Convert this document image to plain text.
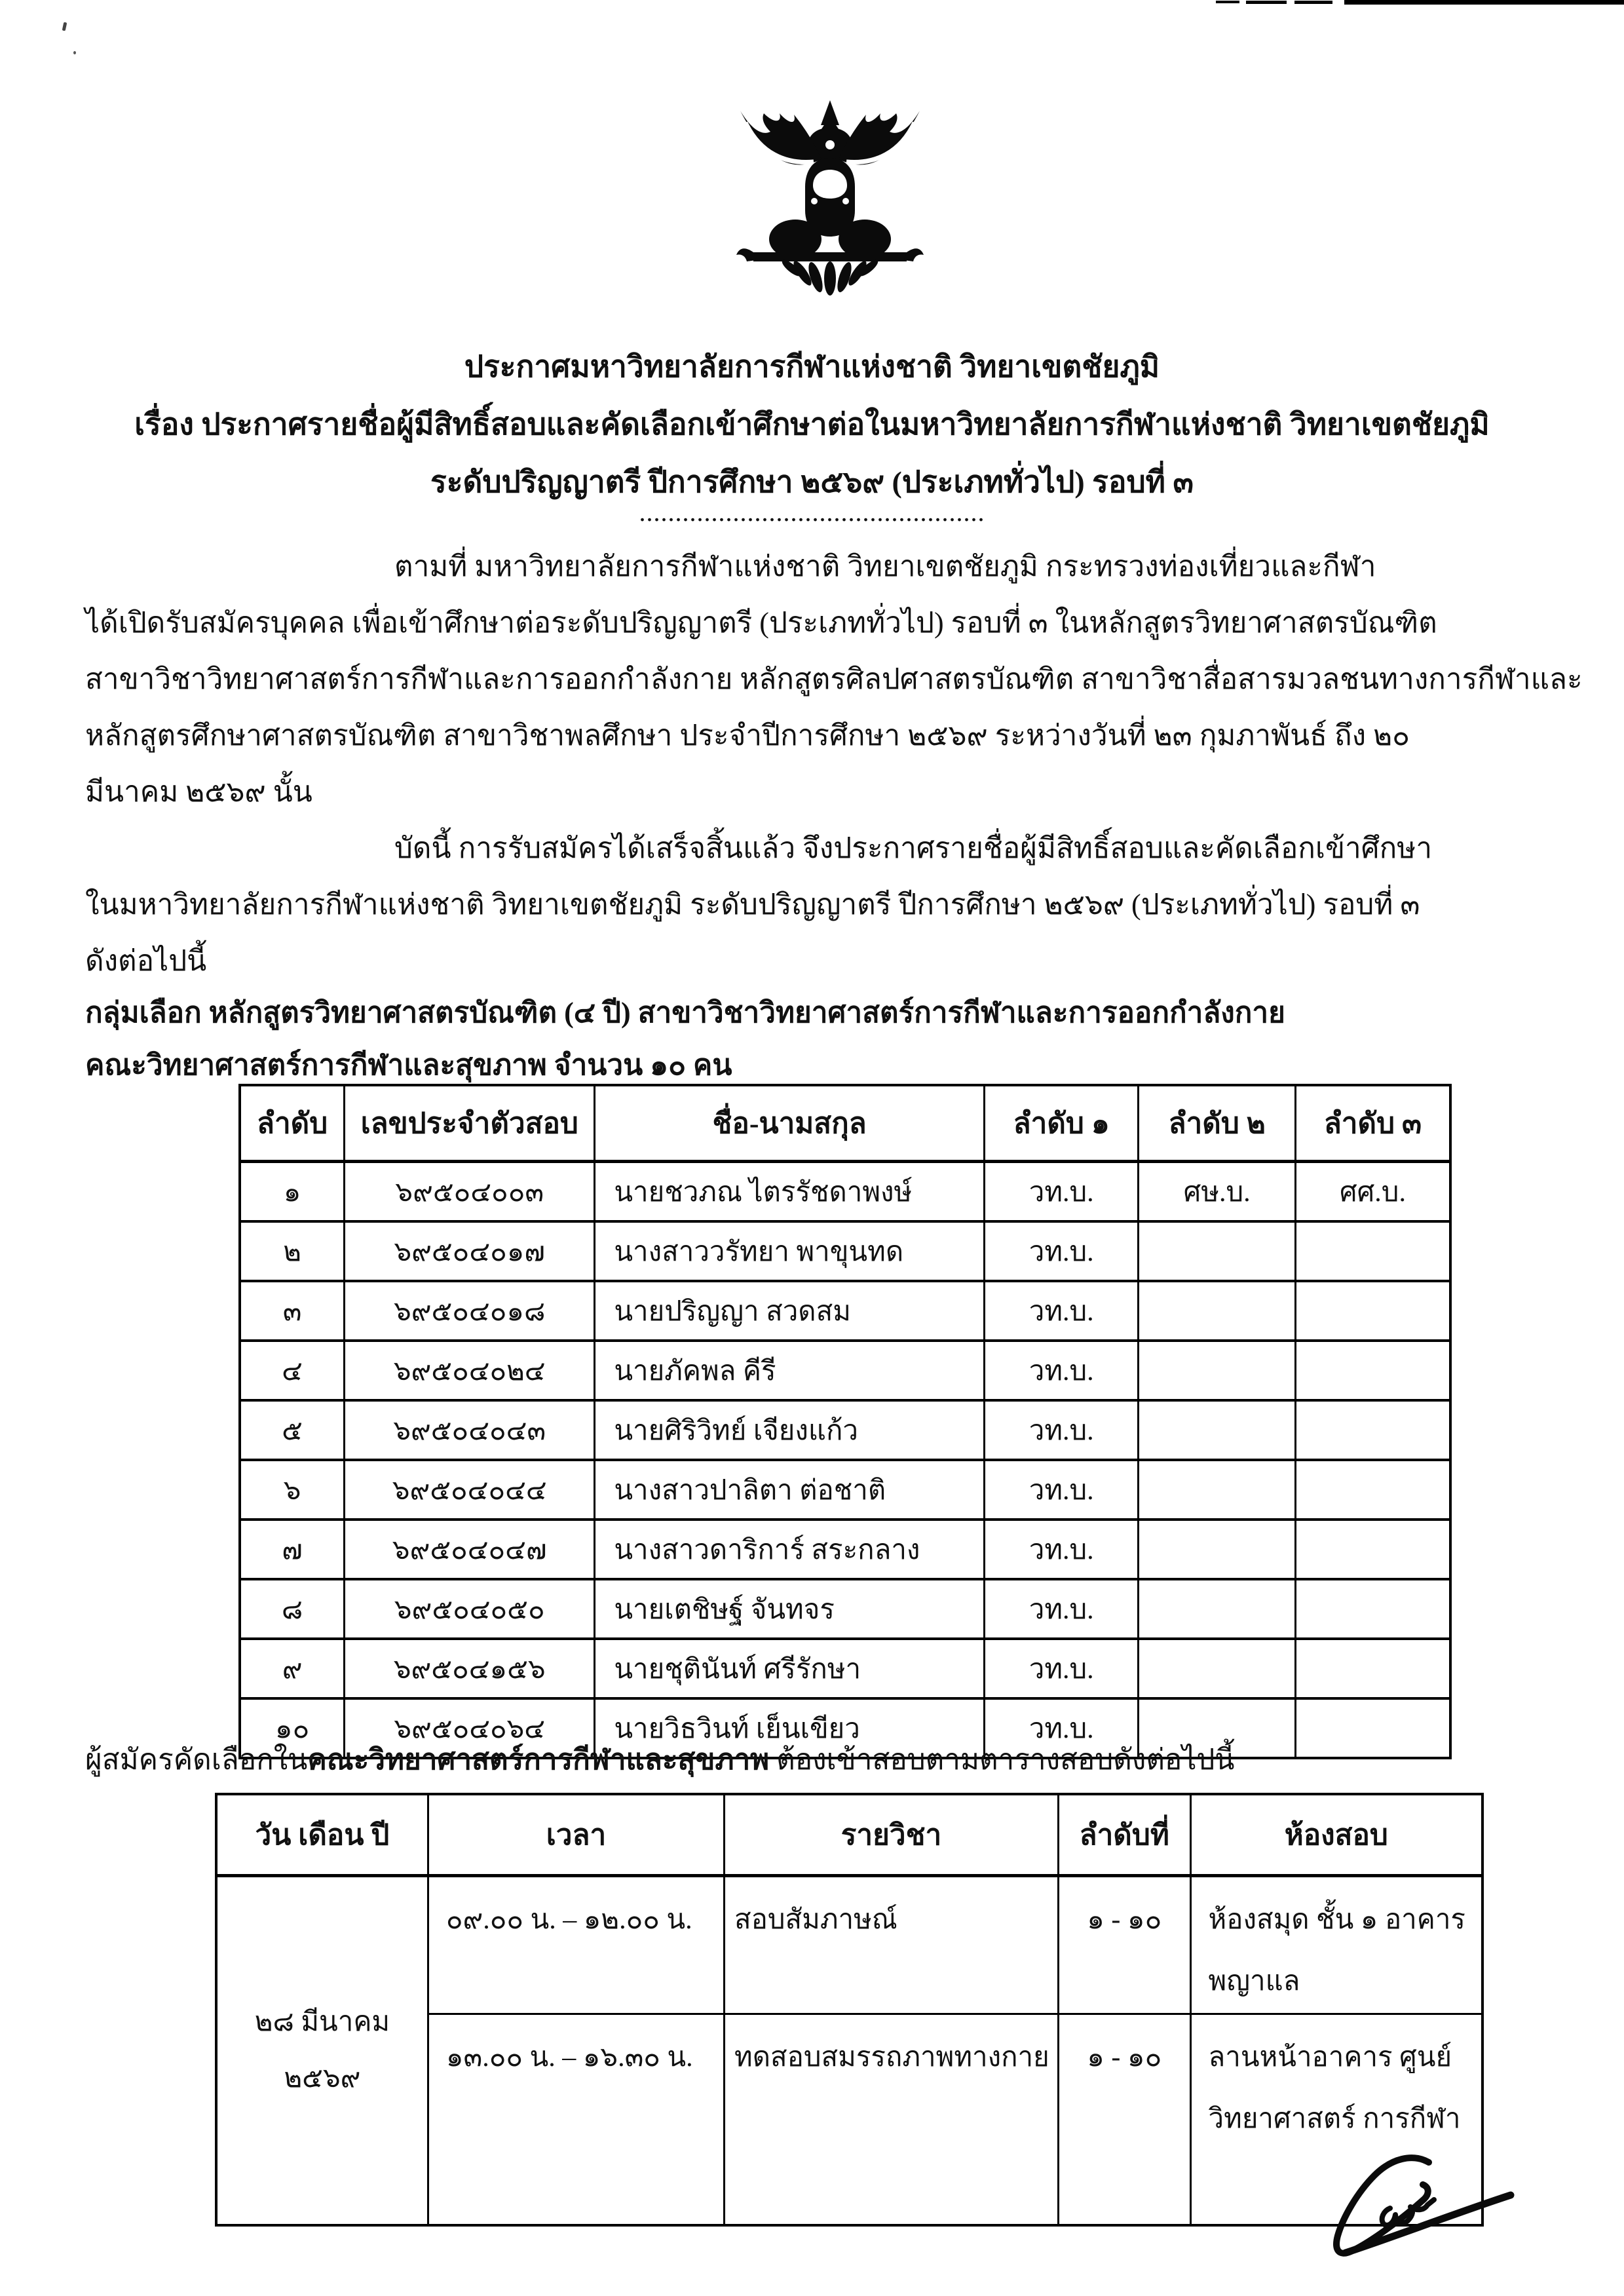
ประกาศมหาวิทยาลัยการกีฬาแห่งชาติ วิทยาเขตชัยภูมิ
เรื่อง ประกาศรายชื่อผู้มีสิทธิ์สอบและคัดเลือกเข้าศึกษาต่อในมหาวิทยาลัยการกีฬาแห่งชาติ วิทยาเขตชัยภูมิ
ระดับปริญญาตรี ปีการศึกษา ๒๕๖๙ (ประเภททั่วไป) รอบที่ ๓
................................................
ตามที่ มหาวิทยาลัยการกีฬาแห่งชาติ วิทยาเขตชัยภูมิ กระทรวงท่องเที่ยวและกีฬา
ได้เปิดรับสมัครบุคคล เพื่อเข้าศึกษาต่อระดับปริญญาตรี (ประเภททั่วไป) รอบที่ ๓ ในหลักสูตรวิทยาศาสตรบัณฑิต
สาขาวิชาวิทยาศาสตร์การกีฬาและการออกกำลังกาย หลักสูตรศิลปศาสตรบัณฑิต สาขาวิชาสื่อสารมวลชนทางการกีฬาและ
หลักสูตรศึกษาศาสตรบัณฑิต สาขาวิชาพลศึกษา ประจำปีการศึกษา ๒๕๖๙ ระหว่างวันที่ ๒๓ กุมภาพันธ์ ถึง ๒๐
มีนาคม ๒๕๖๙ นั้น
บัดนี้ การรับสมัครได้เสร็จสิ้นแล้ว จึงประกาศรายชื่อผู้มีสิทธิ์สอบและคัดเลือกเข้าศึกษา
ในมหาวิทยาลัยการกีฬาแห่งชาติ วิทยาเขตชัยภูมิ ระดับปริญญาตรี ปีการศึกษา ๒๕๖๙ (ประเภททั่วไป) รอบที่ ๓
ดังต่อไปนี้
กลุ่มเลือก หลักสูตรวิทยาศาสตรบัณฑิต (๔ ปี) สาขาวิชาวิทยาศาสตร์การกีฬาและการออกกำลังกาย
คณะวิทยาศาสตร์การกีฬาและสุขภาพ จำนวน ๑๐ คน
ลำดับ	เลขประจำตัวสอบ	ชื่อ-นามสกุล	ลำดับ ๑	ลำดับ ๒	ลำดับ ๓
๑	๖๙๕๐๔๐๐๓	นายชวภณ ไตรรัชดาพงษ์	วท.บ.	ศษ.บ.	ศศ.บ.
๒	๖๙๕๐๔๐๑๗	นางสาววรัทยา พาขุนทด	วท.บ.		
๓	๖๙๕๐๔๐๑๘	นายปริญญา สวดสม	วท.บ.		
๔	๖๙๕๐๔๐๒๔	นายภัคพล คีรี	วท.บ.		
๕	๖๙๕๐๔๐๔๓	นายศิริวิทย์ เจียงแก้ว	วท.บ.		
๖	๖๙๕๐๔๐๔๔	นางสาวปาลิตา ต่อชาติ	วท.บ.		
๗	๖๙๕๐๔๐๔๗	นางสาวดาริการ์ สระกลาง	วท.บ.		
๘	๖๙๕๐๔๐๕๐	นายเตชิษฐ์ จันทจร	วท.บ.		
๙	๖๙๕๐๔๑๕๖	นายชุตินันท์ ศรีรักษา	วท.บ.		
๑๐	๖๙๕๐๔๐๖๔	นายวิธวินท์ เย็นเขียว	วท.บ.		
ผู้สมัครคัดเลือกในคณะวิทยาศาสตร์การกีฬาและสุขภาพ ต้องเข้าสอบตามตารางสอบดังต่อไปนี้
วัน เดือน ปี	เวลา	รายวิชา	ลำดับที่	ห้องสอบ

๒๘ มีนาคม
๒๕๖๙	๐๙.๐๐ น. – ๑๒.๐๐ น.	สอบสัมภาษณ์	๑ - ๑๐	ห้องสมุด ชั้น ๑ อาคารพญาแล
	๑๓.๐๐ น. – ๑๖.๓๐ น.	ทดสอบสมรรถภาพทางกาย	๑ - ๑๐	ลานหน้าอาคาร ศูนย์วิทยาศาสตร์ การกีฬา
